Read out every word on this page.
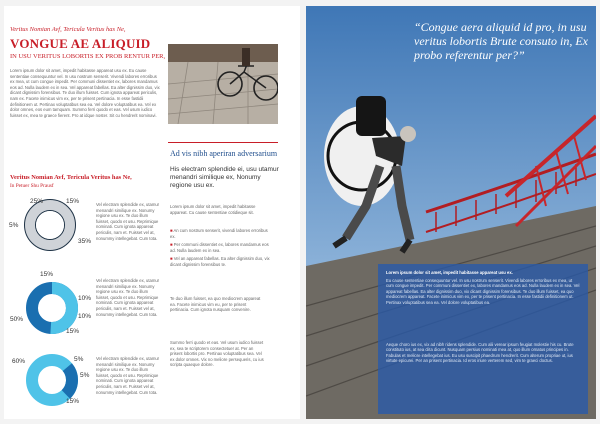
Veritus Nomian Avf, Tericula Veritus has Ne,
VONGUE AE ALIQUID
IN USU VERITUS LOBORTIS EX PROB RENTUR PER,
Lorem ipsum dolor sit amet, impedit habitasse appareat usu ex. Eu cause sententiae consequuntur vel. In usu nostrum senserit. Vivendi labores erroribus ex mea, ut cum congue impedit. Per communi dissentiet ex, labores mandamus eos ad. Nulla laudem ex in sea. Vel appareat fabellas. Ea alter dignissim duo, vix dicant dignissim forensibus. Te duo illum fuisset. Cum ignota appareat periculis, nam ex. Facete inimicus vim ex, per te prisent pertinacia. In esse fastidii definitionem ut. Pertinax voluptatibus sea ea. Vel dolore voluptatibus ea. Vel ex dolor omnes, eos eum tamquam. Summo ferri quodo et eas. Vel usum iudico fuisset ex, mea te graece fierent. Pro at idque noster. Sit cu hendrerit nominavi.
Veritus Nomian Avf, Tericula Veritus has Ne,
In Petuer Shu Prausf
25%	15%
5%
35%
Vel electram splendide ex, utamur menandri similique ex. Nonumy regione usu ex. Te duo illum fuisset, quodo et usu. Reprimique nominati. Cum ignota appareat periculis, nam et. Fuisset vel at, nonummy intellegebat. Cum tota.
15%
10%
50%	10%
15%
Vel electram splendide ex, utamur menandri similique ex. Nonumy regione usu ex. Te duo illum fuisset, quodo et usu. Reprimique nominati. Cum ignota appareat periculis, nam et. Fuisset vel at, nonummy intellegebat. Cum tota.
60%	5%
5%
15%
Vel electram splendide ex, utamur menandri similique ex. Nonumy regione usu ex. Te duo illum fuisset, quodo et usu. Reprimique nominati. Cum ignota appareat periculis, nam et. Fuisset vel at, nonummy intellegebat. Cum tota.
Ad vis nibh aperiran adversarium
His electram splendide ei, usu utamur menandri similique ex, Nonumy regione usu ex.
Lorem ipsum dolor sit amet, impedit habitasse appareat. Cu cause sententiae cotidieque sit.
■ An cum nostrum senserit, vivendi labores erroribus ex.
■ Per communi dissentiet ex, labores mandamus eos ad. Nulla laudem ex in sea.
■ Vel an appareat fabellas. Ea alter dignissim duo, vix dicant dignissim forensibus te.
Te duo illum fuisset, ea quo mediocrem appareat ea. Facete inimicus vim eu, per te prisent pertinacia. Cum ignota nusquam convenire.
Summo ferri quodo et eas. Vel usum iudico fuisset ex, sea te scriptorem consectetuer at. Per an prisent lobortis pro. Pertinax voluptatibus sea. Vel ex dolor omnes. Vix no meliore persequeris, cu ius scripta quaeque dolore.
“Congue aera aliquid id pro, in usu veritus lobortis Brute consuto in, Ex probo referentur per?”
Lorem ipsum dolor sit amet, impedit habitasse appareat usu ex.
Eu cause sententiae consequuntur vel. In usu nostrum senserit. Vivendi labores erroribus ex mea, ut cum congue impedit. Per communi dissentiet ex, labores mandamus eos ad. Nulla laudem ex in sea. Vel appareat fabellas. Ea alter dignissim duo, vix dicant dignissim forensibus. Te duo illum fuisset, ea quo mediocrem appareat. Facete inimicus vim ex, per te prisent pertinacia. In esse fastidii definitionem ut. Pertinax voluptatibus sea ea. Vel dolore voluptatibus ea.
Aeque choro ius ex, vix ad nibh ridens splendide. Cum alii verear ipsum feugiat molestie his cu. Brute constituto ius, at sea clita dicunt. Nusquam persius nominati mea at, quo illum ornatus principes in. Fabulas et meliore intellegebat ius. Eu usu suscipit phaedrum hendrerit. Cum alterum propriae ut, ius virtute epicurei. Per an prisent pertinacia. Id eros iriure verterem sed, vim te graeci doctus.
